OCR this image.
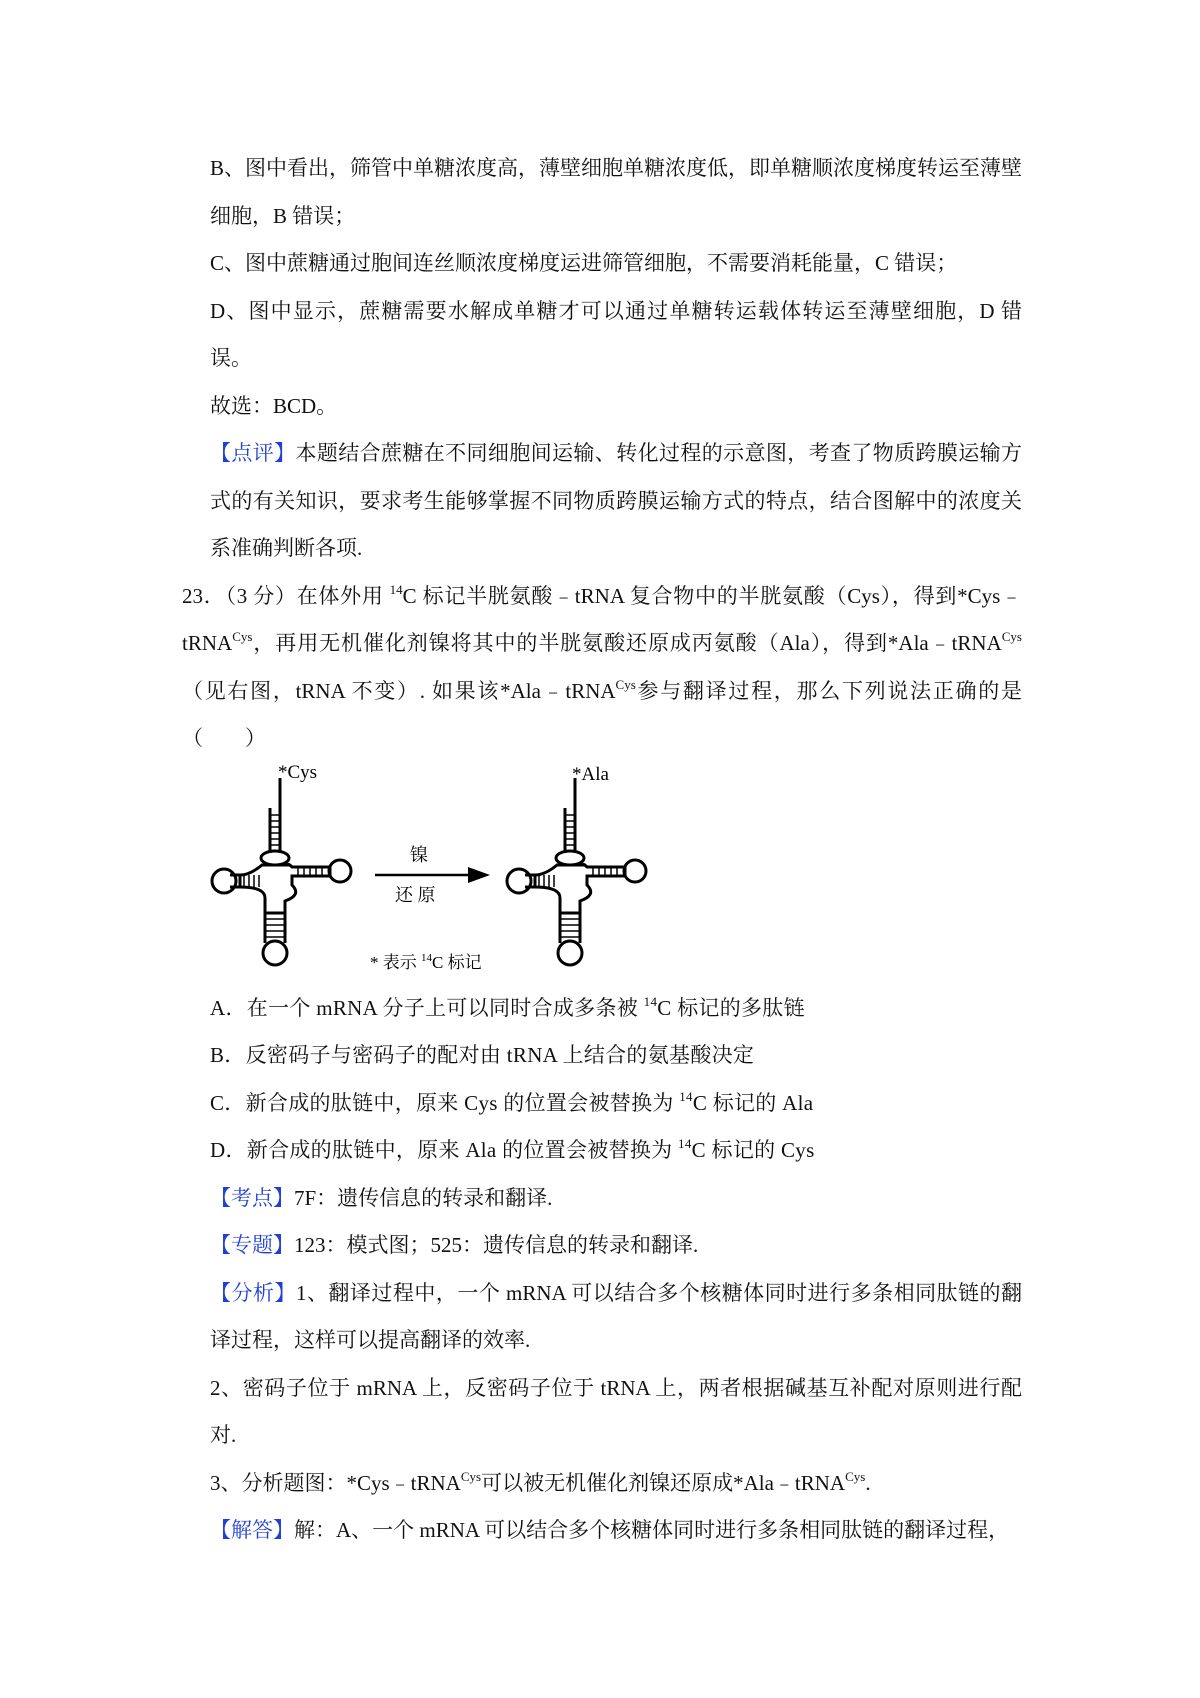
B、图中看出，筛管中单糖浓度高，薄壁细胞单糖浓度低，即单糖顺浓度梯度转运至薄壁细胞，B 错误；

C、图中蔗糖通过胞间连丝顺浓度梯度运进筛管细胞，不需要消耗能量，C 错误；

D、图中显示，蔗糖需要水解成单糖才可以通过单糖转运载体转运至薄壁细胞，D 错误。

故选：BCD。

【点评】本题结合蔗糖在不同细胞间运输、转化过程的示意图，考查了物质跨膜运输方式的有关知识，要求考生能够掌握不同物质跨膜运输方式的特点，结合图解中的浓度关系准确判断各项.

23．（3 分）在体外用 $^{14}$C 标记半胱氨酸﹣tRNA 复合物中的半胱氨酸（Cys），得到*Cys﹣tRNA$^{Cys}$，再用无机催化剂镍将其中的半胱氨酸还原成丙氨酸（Ala），得到*Ala﹣tRNA$^{Cys}$（见右图，tRNA 不变）. 如果该*Ala﹣tRNA$^{Cys}$参与翻译过程，那么下列说法正确的是（　　）

*Cys	*Ala
镍
还 原
* 表示 $^{14}$C 标记

A．在一个 mRNA 分子上可以同时合成多条被 $^{14}$C 标记的多肽链

B．反密码子与密码子的配对由 tRNA 上结合的氨基酸决定

C．新合成的肽链中，原来 Cys 的位置会被替换为 $^{14}$C 标记的 Ala

D．新合成的肽链中，原来 Ala 的位置会被替换为 $^{14}$C 标记的 Cys

【考点】7F：遗传信息的转录和翻译.

【专题】123：模式图；525：遗传信息的转录和翻译.

【分析】1、翻译过程中，一个 mRNA 可以结合多个核糖体同时进行多条相同肽链的翻译过程，这样可以提高翻译的效率.

2、密码子位于 mRNA 上，反密码子位于 tRNA 上，两者根据碱基互补配对原则进行配对.

3、分析题图：*Cys﹣tRNA$^{Cys}$可以被无机催化剂镍还原成*Ala﹣tRNA$^{Cys}$.

【解答】解：A、一个 mRNA 可以结合多个核糖体同时进行多条相同肽链的翻译过程，
